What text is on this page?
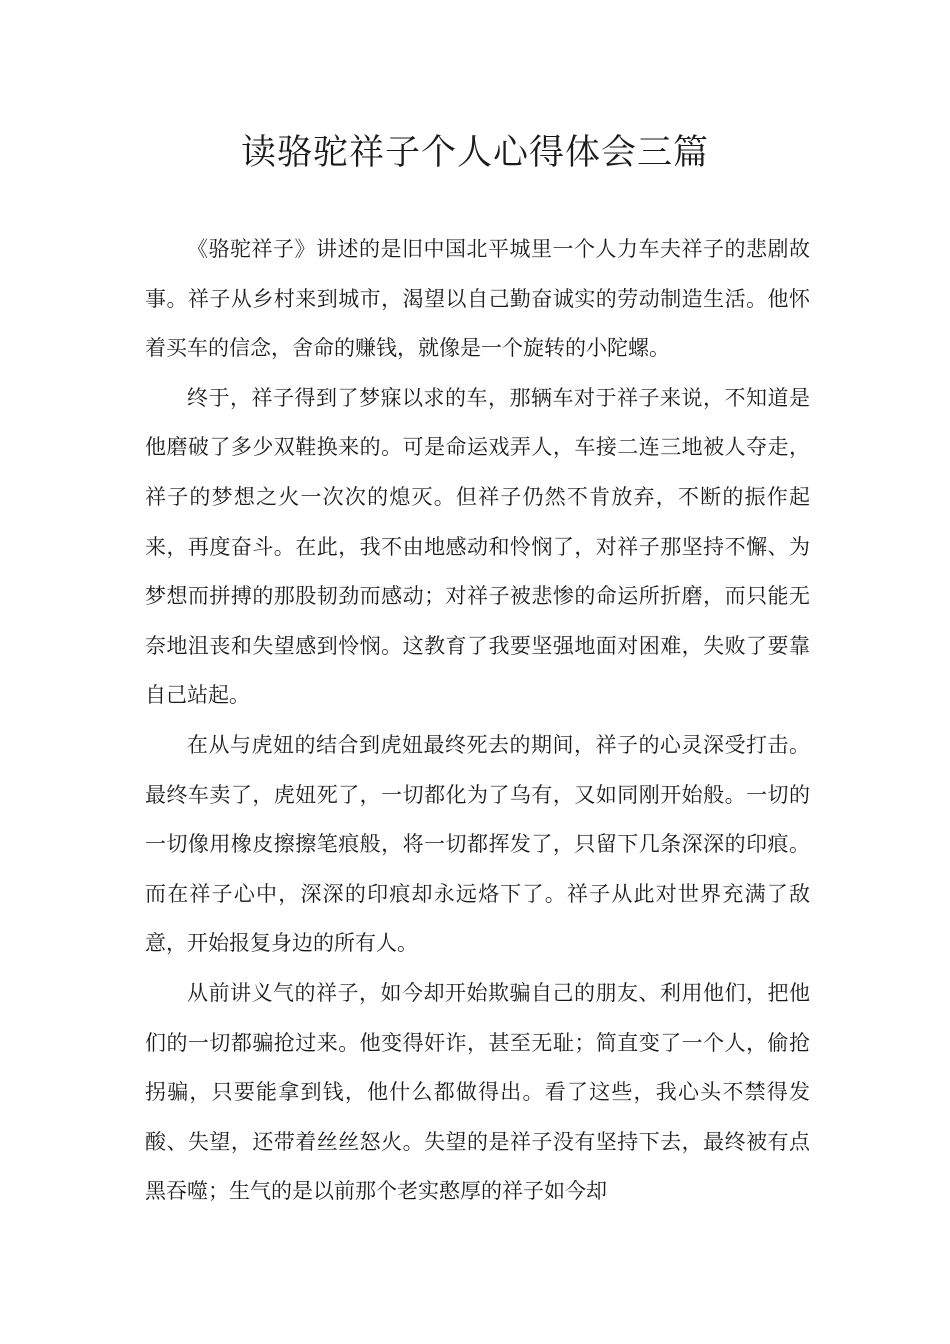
读骆驼祥子个人心得体会三篇

《骆驼祥子》讲述的是旧中国北平城里一个人力车夫祥子的悲剧故事。祥子从乡村来到城市，渴望以自己勤奋诚实的劳动制造生活。他怀着买车的信念，舍命的赚钱，就像是一个旋转的小陀螺。

终于，祥子得到了梦寐以求的车，那辆车对于祥子来说，不知道是他磨破了多少双鞋换来的。可是命运戏弄人，车接二连三地被人夺走，祥子的梦想之火一次次的熄灭。但祥子仍然不肯放弃，不断的振作起来，再度奋斗。在此，我不由地感动和怜悯了，对祥子那坚持不懈、为梦想而拼搏的那股韧劲而感动；对祥子被悲惨的命运所折磨，而只能无奈地沮丧和失望感到怜悯。这教育了我要坚强地面对困难，失败了要靠自己站起。

在从与虎妞的结合到虎妞最终死去的期间，祥子的心灵深受打击。最终车卖了，虎妞死了，一切都化为了乌有，又如同刚开始般。一切的一切像用橡皮擦擦笔痕般，将一切都挥发了，只留下几条深深的印痕。而在祥子心中，深深的印痕却永远烙下了。祥子从此对世界充满了敌意，开始报复身边的所有人。

从前讲义气的祥子，如今却开始欺骗自己的朋友、利用他们，把他们的一切都骗抢过来。他变得奸诈，甚至无耻；简直变了一个人，偷抢拐骗，只要能拿到钱，他什么都做得出。看了这些，我心头不禁得发酸、失望，还带着丝丝怒火。失望的是祥子没有坚持下去，最终被有点黑吞噬；生气的是以前那个老实憨厚的祥子如今却
